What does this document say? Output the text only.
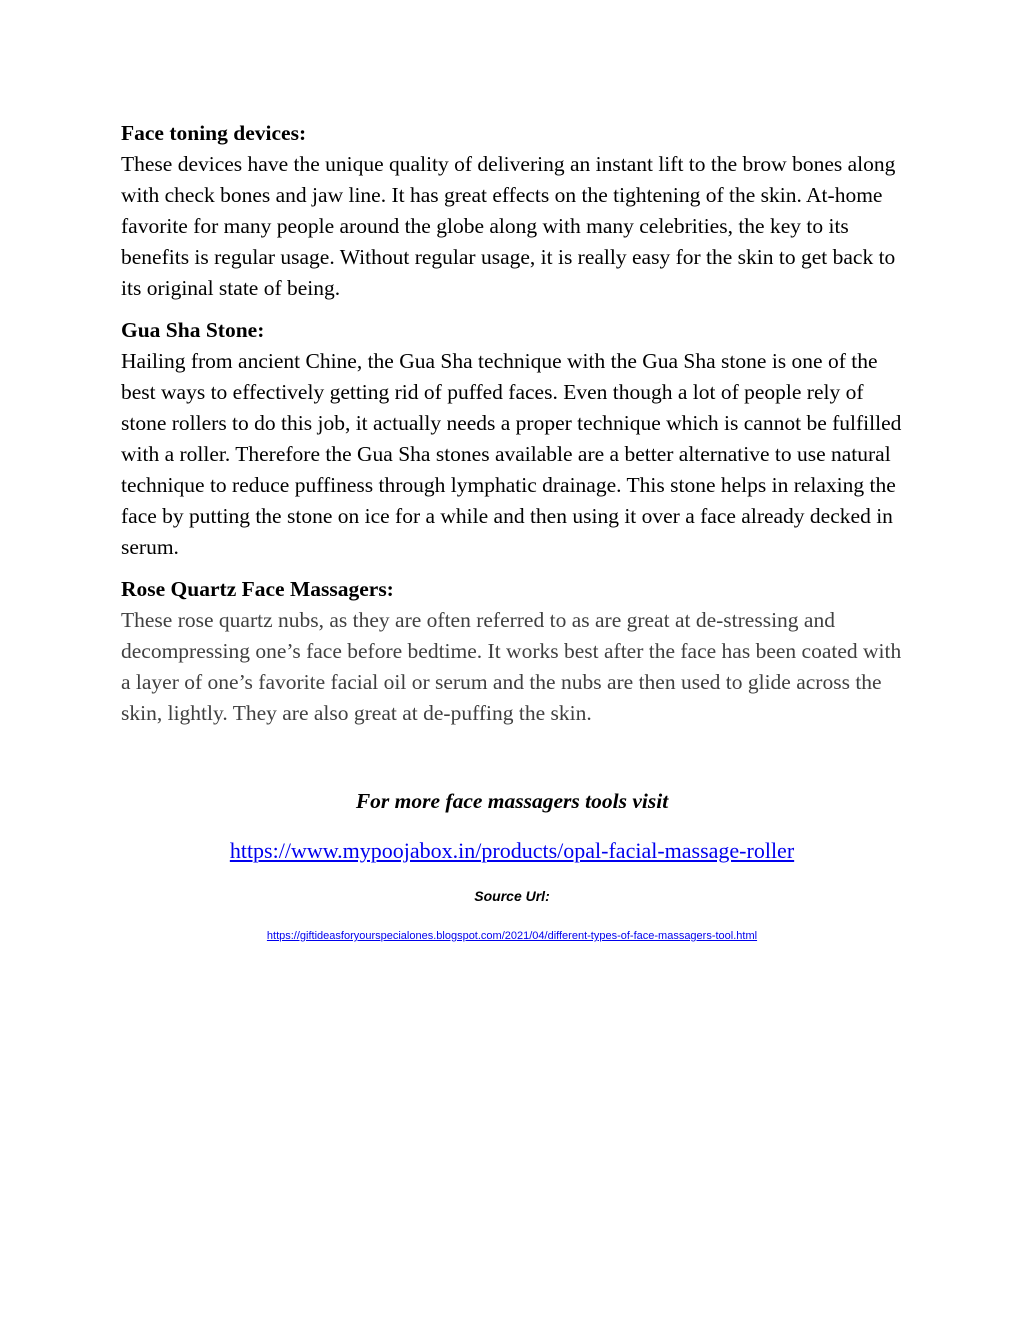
Face toning devices:
These devices have the unique quality of delivering an instant lift to the brow bones along with check bones and jaw line. It has great effects on the tightening of the skin. At-home favorite for many people around the globe along with many celebrities, the key to its benefits is regular usage. Without regular usage, it is really easy for the skin to get back to its original state of being.
Gua Sha Stone:
Hailing from ancient Chine, the Gua Sha technique with the Gua Sha stone is one of the best ways to effectively getting rid of puffed faces. Even though a lot of people rely of stone rollers to do this job, it actually needs a proper technique which is cannot be fulfilled with a roller. Therefore the Gua Sha stones available are a better alternative to use natural technique to reduce puffiness through lymphatic drainage. This stone helps in relaxing the face by putting the stone on ice for a while and then using it over a face already decked in serum.
Rose Quartz Face Massagers:
These rose quartz nubs, as they are often referred to as are great at de-stressing and decompressing one’s face before bedtime. It works best after the face has been coated with a layer of one’s favorite facial oil or serum and the nubs are then used to glide across the skin, lightly. They are also great at de-puffing the skin.
For more face massagers tools visit
https://www.mypoojabox.in/products/opal-facial-massage-roller
Source Url:
https://giftideasforyourspecialones.blogspot.com/2021/04/different-types-of-face-massagers-tool.html
